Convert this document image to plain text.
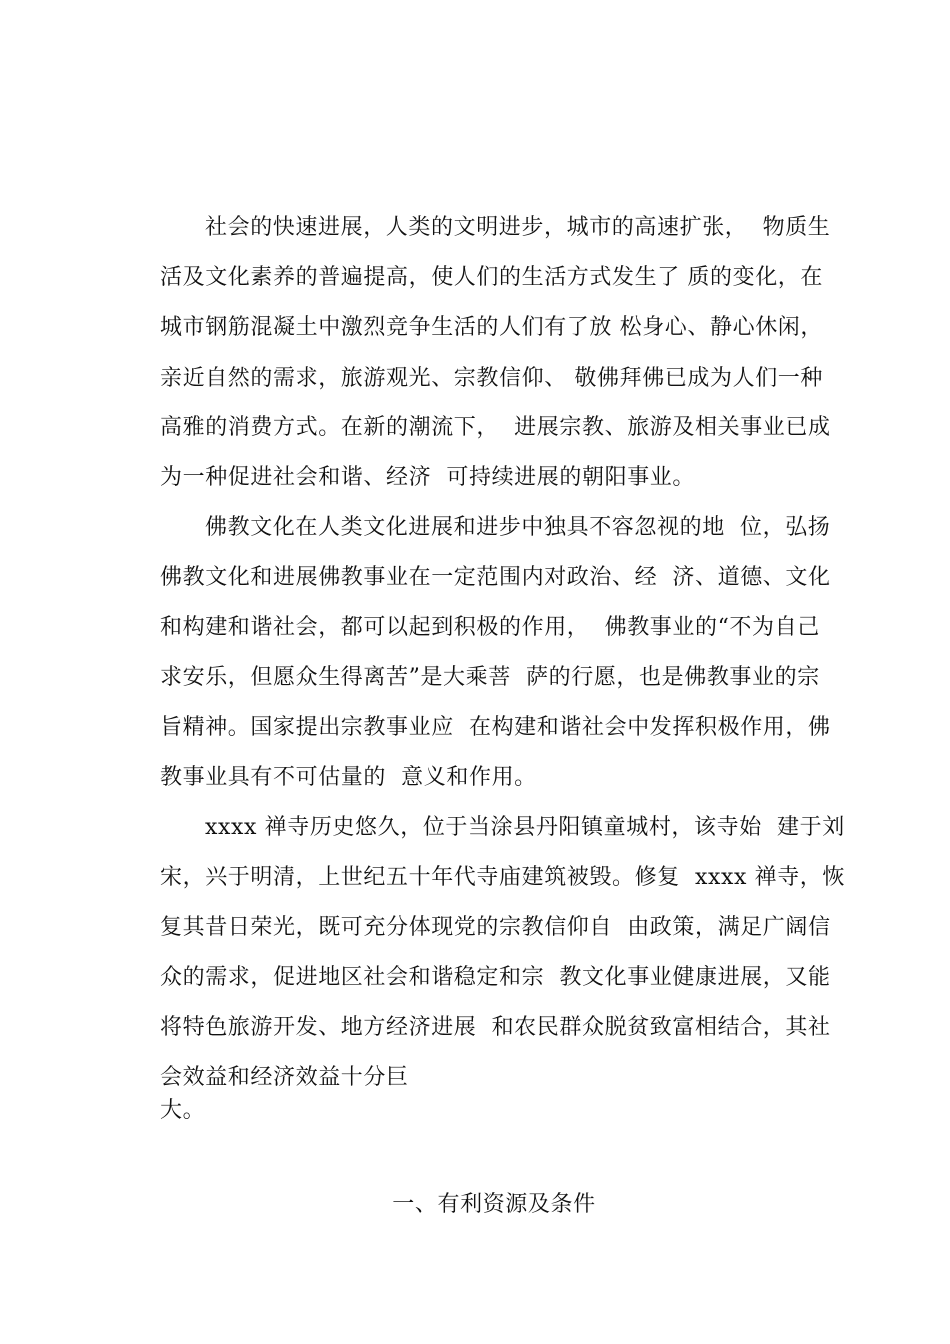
社会的快速进展，人类的文明进步，城市的高速扩张，  物质生
活及文化素养的普遍提高，使人们的生活方式发生了 质的变化，在
城市钢筋混凝土中激烈竞争生活的人们有了放 松身心、静心休闲，
亲近自然的需求，旅游观光、宗教信仰、 敬佛拜佛已成为人们一种
高雅的消费方式。在新的潮流下，  进展宗教、旅游及相关事业已成
为一种促进社会和谐、经济  可持续进展的朝阳事业。
佛教文化在人类文化进展和进步中独具不容忽视的地  位，弘扬
佛教文化和进展佛教事业在一定范围内对政治、经  济、道德、文化
和构建和谐社会，都可以起到积极的作用，  佛教事业的“不为自己
求安乐，但愿众生得离苦”是大乘菩  萨的行愿，也是佛教事业的宗
旨精神。国家提出宗教事业应  在构建和谐社会中发挥积极作用，佛
教事业具有不可估量的  意义和作用。
xxxx 禅寺历史悠久，位于当涂县丹阳镇童城村，该寺始  建于刘
宋，兴于明清，上世纪五十年代寺庙建筑被毁。修复  xxxx 禅寺，恢
复其昔日荣光，既可充分体现党的宗教信仰自  由政策，满足广阔信
众的需求，促进地区社会和谐稳定和宗  教文化事业健康进展，又能
将特色旅游开发、地方经济进展  和农民群众脱贫致富相结合，其社
会效益和经济效益十分巨
大。
一、有利资源及条件
